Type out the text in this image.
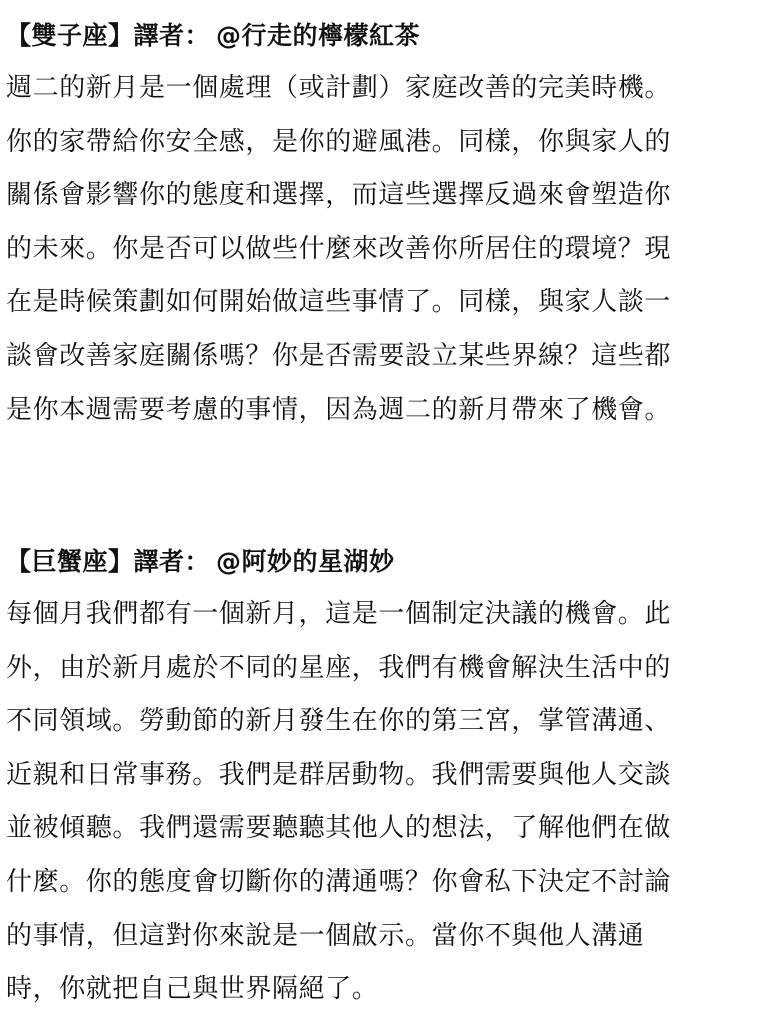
【雙子座】譯者： @行走的檸檬紅茶
週二的新月是一個處理（或計劃）家庭改善的完美時機。
你的家帶給你安全感，是你的避風港。同樣，你與家人的
關係會影響你的態度和選擇，而這些選擇反過來會塑造你
的未來。你是否可以做些什麼來改善你所居住的環境？現
在是時候策劃如何開始做這些事情了。同樣，與家人談一
談會改善家庭關係嗎？你是否需要設立某些界線？這些都
是你本週需要考慮的事情，因為週二的新月帶來了機會。
【巨蟹座】譯者： @阿妙的星湖妙
每個月我們都有一個新月，這是一個制定決議的機會。此
外，由於新月處於不同的星座，我們有機會解決生活中的
不同領域。勞動節的新月發生在你的第三宮，掌管溝通、
近親和日常事務。我們是群居動物。我們需要與他人交談
並被傾聽。我們還需要聽聽其他人的想法，了解他們在做
什麼。你的態度會切斷你的溝通嗎？你會私下決定不討論
的事情，但這對你來說是一個啟示。當你不與他人溝通
時，你就把自己與世界隔絕了。
